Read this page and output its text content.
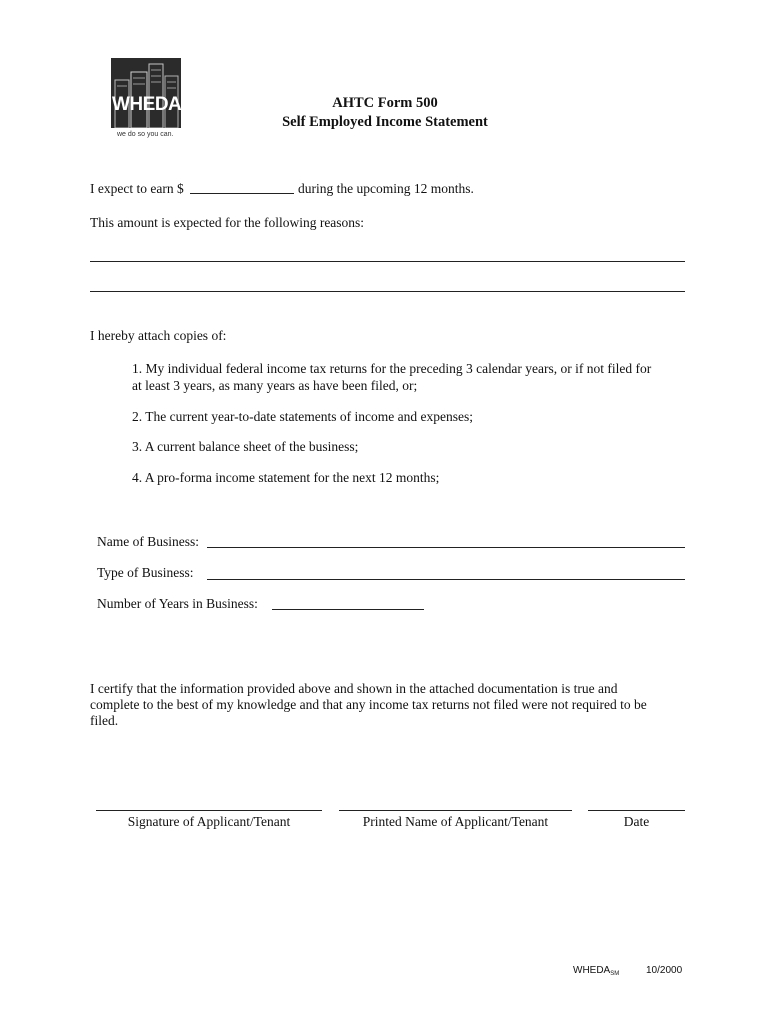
WHEDA
we do so you can.
AHTC Form 500
Self Employed Income Statement
I expect to earn $	during the upcoming 12 months.
This amount is expected for the following reasons:
I hereby attach copies of:
1. My individual federal income tax returns for the preceding 3 calendar years, or if not filed for
at least 3 years, as many years as have been filed, or;
2. The current year-to-date statements of income and expenses;
3. A current balance sheet of the business;
4. A pro-forma income statement for the next 12 months;
Name of Business:
Type of Business:
Number of Years in Business:
I certify that the information provided above and shown in the attached documentation is true and
complete to the best of my knowledge and that any income tax returns not filed were not required to be
filed.
Signature of Applicant/Tenant	Printed Name of Applicant/Tenant	Date
$WHEDA_{SM}$	10/2000
